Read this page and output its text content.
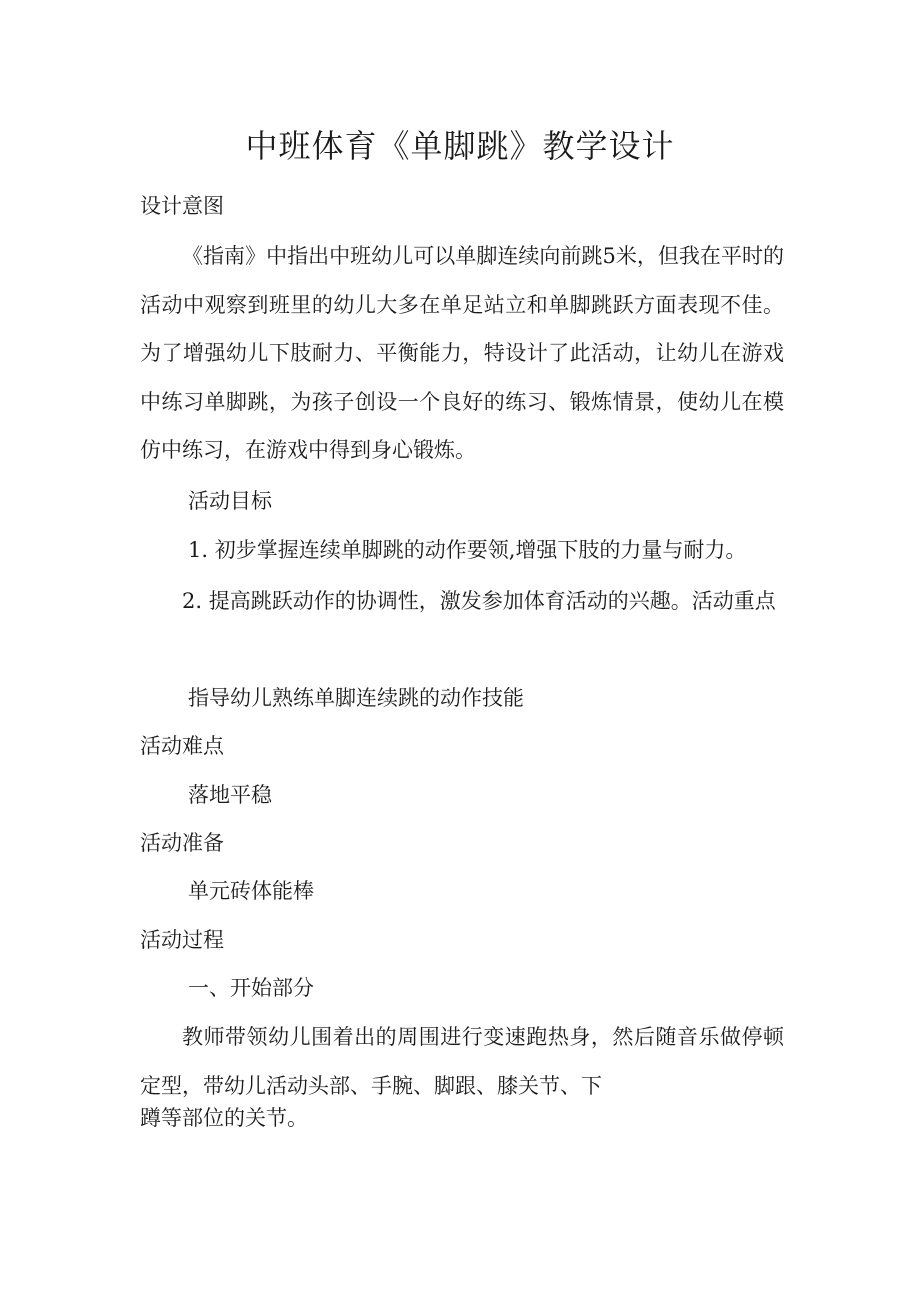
中班体育《单脚跳》教学设计
设计意图

《指南》中指出中班幼儿可以单脚连续向前跳5米，但我在平时的活动中观察到班里的幼儿大多在单足站立和单脚跳跃方面表现不佳。为了增强幼儿下肢耐力、平衡能力，特设计了此活动，让幼儿在游戏中练习单脚跳，为孩子创设一个良好的练习、锻炼情景，使幼儿在模仿中练习，在游戏中得到身心锻炼。

活动目标
1. 初步掌握连续单脚跳的动作要领,增强下肢的力量与耐力。

2. 提高跳跃动作的协调性，激发参加体育活动的兴趣。活动重点

指导幼儿熟练单脚连续跳的动作技能
活动难点
落地平稳
活动准备
单元砖体能棒
活动过程
一、开始部分

教师带领幼儿围着出的周围进行变速跑热身，然后随音乐做停顿定型，带幼儿活动头部、手腕、脚跟、膝关节、下

蹲等部位的关节。
